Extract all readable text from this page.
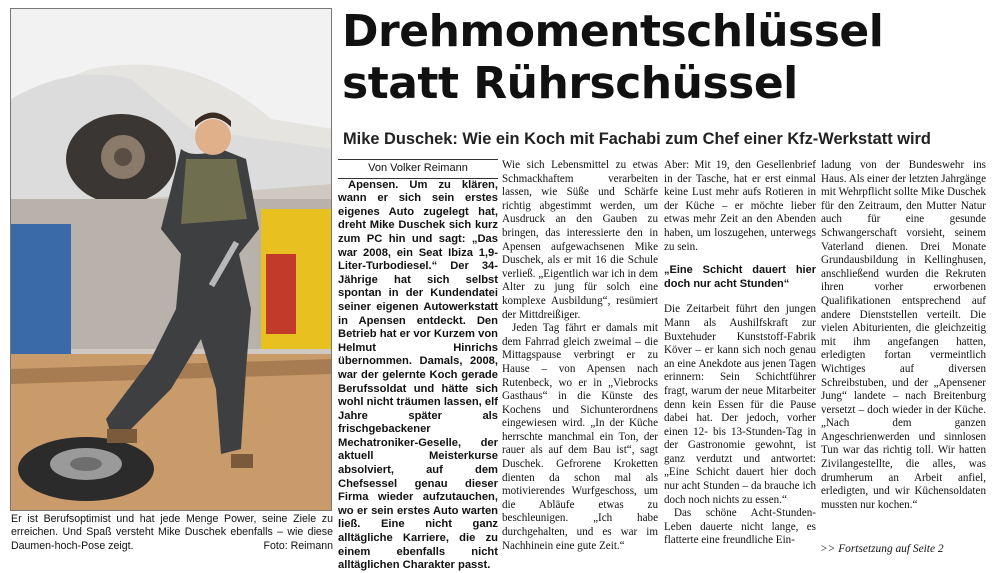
Er ist Berufsoptimist und hat jede Menge Power, seine Ziele zu erreichen. Und Spaß versteht Mike Duschek ebenfalls – wie diese Daumen-hoch-Pose zeigt.	Foto: Reimann
Drehmomentschlüssel
statt Rührschüssel
Mike Duschek: Wie ein Koch mit Fachabi zum Chef einer Kfz-Werkstatt wird

Von Volker Reimann

Apensen. Um zu klären, wann er sich sein erstes eigenes Auto zugelegt hat, dreht Mike Duschek sich kurz zum PC hin und sagt: „Das war 2008, ein Seat Ibiza 1,9-Liter-Turbodiesel.“ Der 34-Jährige hat sich selbst spontan in der Kundendatei seiner eigenen Autowerkstatt in Apensen entdeckt. Den Betrieb hat er vor Kurzem von Helmut Hinrichs übernommen. Damals, 2008, war der gelernte Koch gerade Berufssoldat und hätte sich wohl nicht träumen lassen, elf Jahre später als frischgebackener Mechatroniker-Geselle, der aktuell Meisterkurse absolviert, auf dem Chefsessel genau dieser Firma wieder aufzutauchen, wo er sein erstes Auto warten ließ. Eine nicht ganz alltägliche Karriere, die zu einem ebenfalls nicht alltäglichen Charakter passt.

Wie sich Lebensmittel zu etwas Schmackhaftem verarbeiten lassen, wie Süße und Schärfe richtig abgestimmt werden, um Ausdruck an den Gauben zu bringen, das interessierte den in Apensen aufgewachsenen Mike Duschek, als er mit 16 die Schule verließ. „Eigentlich war ich in dem Alter zu jung für solch eine komplexe Ausbildung“, resümiert der Mittdreißiger.

Jeden Tag fährt er damals mit dem Fahrrad gleich zweimal – die Mittagspause verbringt er zu Hause – von Apensen nach Rutenbeck, wo er in „Viebrocks Gasthaus“ in die Künste des Kochens und Sichunterordnens eingewiesen wird. „In der Küche herrschte manchmal ein Ton, der rauer als auf dem Bau ist“, sagt Duschek. Gefrorene Kroketten dienten da schon mal als motivierendes Wurfgeschoss, um die Abläufe etwas zu beschleunigen. „Ich habe durchgehalten, und es war im Nachhinein eine gute Zeit.“

Aber: Mit 19, den Gesellenbrief in der Tasche, hat er erst einmal keine Lust mehr aufs Rotieren in der Küche – er möchte lieber etwas mehr Zeit an den Abenden haben, um loszugehen, unterwegs zu sein.

„Eine Schicht dauert hier doch nur acht Stunden“

Die Zeitarbeit führt den jungen Mann als Aushilfskraft zur Buxtehuder Kunststoff-Fabrik Köver – er kann sich noch genau an eine Anekdote aus jenen Tagen erinnern: Sein Schichtführer fragt, warum der neue Mitarbeiter denn kein Essen für die Pause dabei hat. Der jedoch, vorher einen 12- bis 13-Stunden-Tag in der Gastronomie gewohnt, ist ganz verdutzt und antwortet: „Eine Schicht dauert hier doch nur acht Stunden – da brauche ich doch noch nichts zu essen.“

Das schöne Acht-Stunden-Leben dauerte nicht lange, es flatterte eine freundliche Ein-

ladung von der Bundeswehr ins Haus. Als einer der letzten Jahrgänge mit Wehrpflicht sollte Mike Duschek für den Zeitraum, den Mutter Natur auch für eine gesunde Schwangerschaft vorsieht, seinem Vaterland dienen. Drei Monate Grundausbildung in Kellinghusen, anschließend wurden die Rekruten ihren vorher erworbenen Qualifikationen entsprechend auf andere Dienststellen verteilt. Die vielen Abiturienten, die gleichzeitig mit ihm angefangen hatten, erledigten fortan vermeintlich Wichtiges auf diversen Schreibstuben, und der „Apensener Jung“ landete – nach Breitenburg versetzt – doch wieder in der Küche. „Nach dem ganzen Angeschrienwerden und sinnlosen Tun war das richtig toll. Wir hatten Zivilangestellte, die alles, was drumherum an Arbeit anfiel, erledigten, und wir Küchensoldaten mussten nur kochen.“

>> Fortsetzung auf Seite 2
